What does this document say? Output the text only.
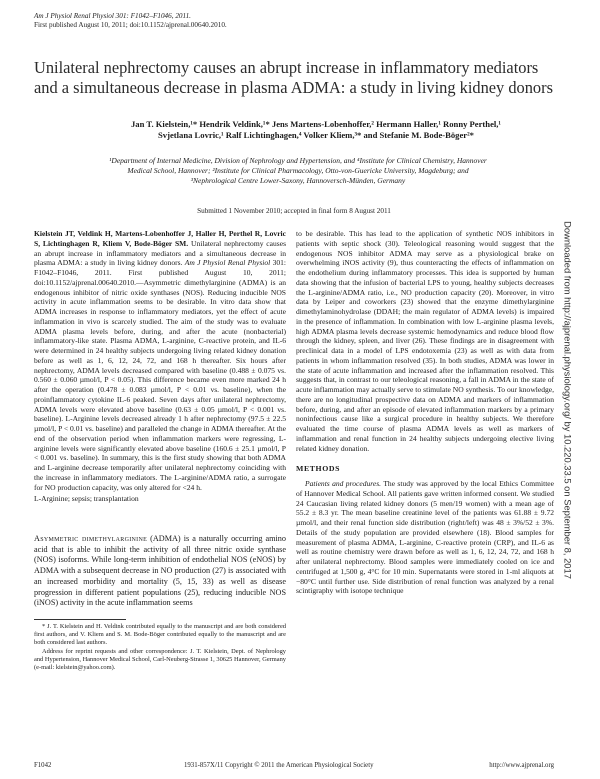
Am J Physiol Renal Physiol 301: F1042–F1046, 2011.
First published August 10, 2011; doi:10.1152/ajprenal.00640.2010.
Unilateral nephrectomy causes an abrupt increase in inflammatory mediators and a simultaneous decrease in plasma ADMA: a study in living kidney donors
Jan T. Kielstein,¹* Hendrik Veldink,¹* Jens Martens-Lobenhoffer,² Hermann Haller,¹ Ronny Perthel,¹
Svjetlana Lovric,¹ Ralf Lichtinghagen,⁴ Volker Kliem,³* and Stefanie M. Bode-Böger²*
¹Department of Internal Medicine, Division of Nephrology and Hypertension, and ⁴Institute for Clinical Chemistry, Hannover
Medical School, Hannover; ²Institute for Clinical Pharmacology, Otto-von-Guericke University, Magdeburg; and
³Nephrological Centre Lower-Saxony, Hannoversch-Münden, Germany
Submitted 1 November 2010; accepted in final form 8 August 2011

Kielstein JT, Veldink H, Martens-Lobenhoffer J, Haller H, Perthel R, Lovric S, Lichtinghagen R, Kliem V, Bode-Böger SM. Unilateral nephrectomy causes an abrupt increase in inflammatory mediators and a simultaneous decrease in plasma ADMA: a study in living kidney donors. Am J Physiol Renal Physiol 301: F1042–F1046, 2011. First published August 10, 2011; doi:10.1152/ajprenal.00640.2010.—Asymmetric dimethylarginine (ADMA) is an endogenous inhibitor of nitric oxide synthases (NOS). Reducing inducible NOS activity in acute inflammation seems to be desirable. In vitro data show that ADMA increases in response to inflammatory mediators, yet the effect of acute inflammation in vivo is scarcely studied. The aim of the study was to evaluate ADMA plasma levels before, during, and after the acute (nonbacterial) inflammatory-like state. Plasma ADMA, L-arginine, C-reactive protein, and IL-6 were determined in 24 healthy subjects undergoing living related kidney donation before as well as 1, 6, 12, 24, 72, and 168 h thereafter. Six hours after nephrectomy, ADMA levels decreased compared with baseline (0.488 ± 0.075 vs. 0.560 ± 0.060 µmol/l, P < 0.05). This difference became even more marked 24 h after the operation (0.478 ± 0.083 µmol/l, P < 0.01 vs. baseline), when the proinflammatory cytokine IL-6 peaked. Seven days after unilateral nephrectomy, ADMA levels were elevated above baseline (0.63 ± 0.05 µmol/l, P < 0.001 vs. baseline). L-Arginine levels decreased already 1 h after nephrectomy (97.5 ± 22.5 µmol/l, P < 0.01 vs. baseline) and paralleled the change in ADMA thereafter. At the end of the observation period when inflammation markers were regressing, L-arginine levels were significantly elevated above baseline (160.6 ± 25.1 µmol/l, P < 0.001 vs. baseline). In summary, this is the first study showing that both ADMA and L-arginine decrease temporarily after unilateral nephrectomy coinciding with the increase in inflammatory mediators. The L-arginine/ADMA ratio, a surrogate for NO production capacity, was only altered for <24 h.

L-Arginine; sepsis; transplantation

Asymmetric dimethylarginine (ADMA) is a naturally occurring amino acid that is able to inhibit the activity of all three nitric oxide synthase (NOS) isoforms. While long-term inhibition of endothelial NOS (eNOS) by ADMA with a subsequent decrease in NO production (27) is associated with an increased morbidity and mortality (5, 15, 33) as well as disease progression in different patient populations (25), reducing inducible NOS (iNOS) activity in the acute inflammation seems

* J. T. Kielstein and H. Veldink contributed equally to the manuscript and are both considered first authors, and V. Kliem and S. M. Bode-Böger contributed equally to the manuscript and are both considered last authors.

Address for reprint requests and other correspondence: J. T. Kielstein, Dept. of Nephrology and Hypertension, Hannover Medical School, Carl-Neuberg-Strasse 1, 30625 Hannover, Germany (e-mail: kielstein@yahoo.com).

to be desirable. This has lead to the application of synthetic NOS inhibitors in patients with septic shock (30). Teleological reasoning would suggest that the endogenous NOS inhibitor ADMA may serve as a physiological brake on overwhelming iNOS activity (9), thus counteracting the effects of inflammation on the endothelium during inflammatory processes. This idea is supported by human data showing that the infusion of bacterial LPS to young, healthy subjects decreases the L-arginine/ADMA ratio, i.e., NO production capacity (20). Moreover, in vitro data by Leiper and coworkers (23) showed that the enzyme dimethylarginine dimethylaminohydrolase (DDAH; the main regulator of ADMA levels) is impaired in the presence of inflammation. In combination with low L-arginine plasma levels, high ADMA plasma levels decrease systemic hemodynamics and reduce blood flow through the kidney, spleen, and liver (26). These findings are in disagreement with preclinical data in a model of LPS endotoxemia (23) as well as with data from patients in whom inflammation resolved (35). In both studies, ADMA was lower in the state of acute inflammation and increased after the inflammation resolved. This suggests that, in contrast to our teleological reasoning, a fall in ADMA in the state of acute inflammation may actually serve to stimulate NO synthesis. To our knowledge, there are no longitudinal prospective data on ADMA and markers of inflammation before, during, and after an episode of elevated inflammation markers by a primary noninfectious cause like a surgical procedure in healthy subjects. We therefore evaluated the time course of plasma ADMA levels as well as markers of inflammation and renal function in 24 healthy subjects undergoing elective living related kidney donation.

METHODS

Patients and procedures. The study was approved by the local Ethics Committee of Hannover Medical School. All patients gave written informed consent. We studied 24 Caucasian living related kidney donors (5 men/19 women) with a mean age of 55.2 ± 8.3 yr. The mean baseline creatinine level of the patients was 61.88 ± 9.72 µmol/l, and their renal function side distribution (right/left) was 48 ± 3%/52 ± 3%. Details of the study population are provided elsewhere (18). Blood samples for measurement of plasma ADMA, L-arginine, C-reactive protein (CRP), and IL-6 as well as routine chemistry were drawn before as well as 1, 6, 12, 24, 72, and 168 h after unilateral nephrectomy. Blood samples were immediately cooled on ice and centrifuged at 1,500 g, 4°C for 10 min. Supernatants were stored in 1-ml aliquots at −80°C until further use. Side distribution of renal function was analyzed by a renal scintigraphy with isotope technique

Downloaded from http://ajprenal.physiology.org/ by 10.220.33.5 on September 8, 2017
F1042	1931-857X/11 Copyright © 2011 the American Physiological Society	http://www.ajprenal.org
